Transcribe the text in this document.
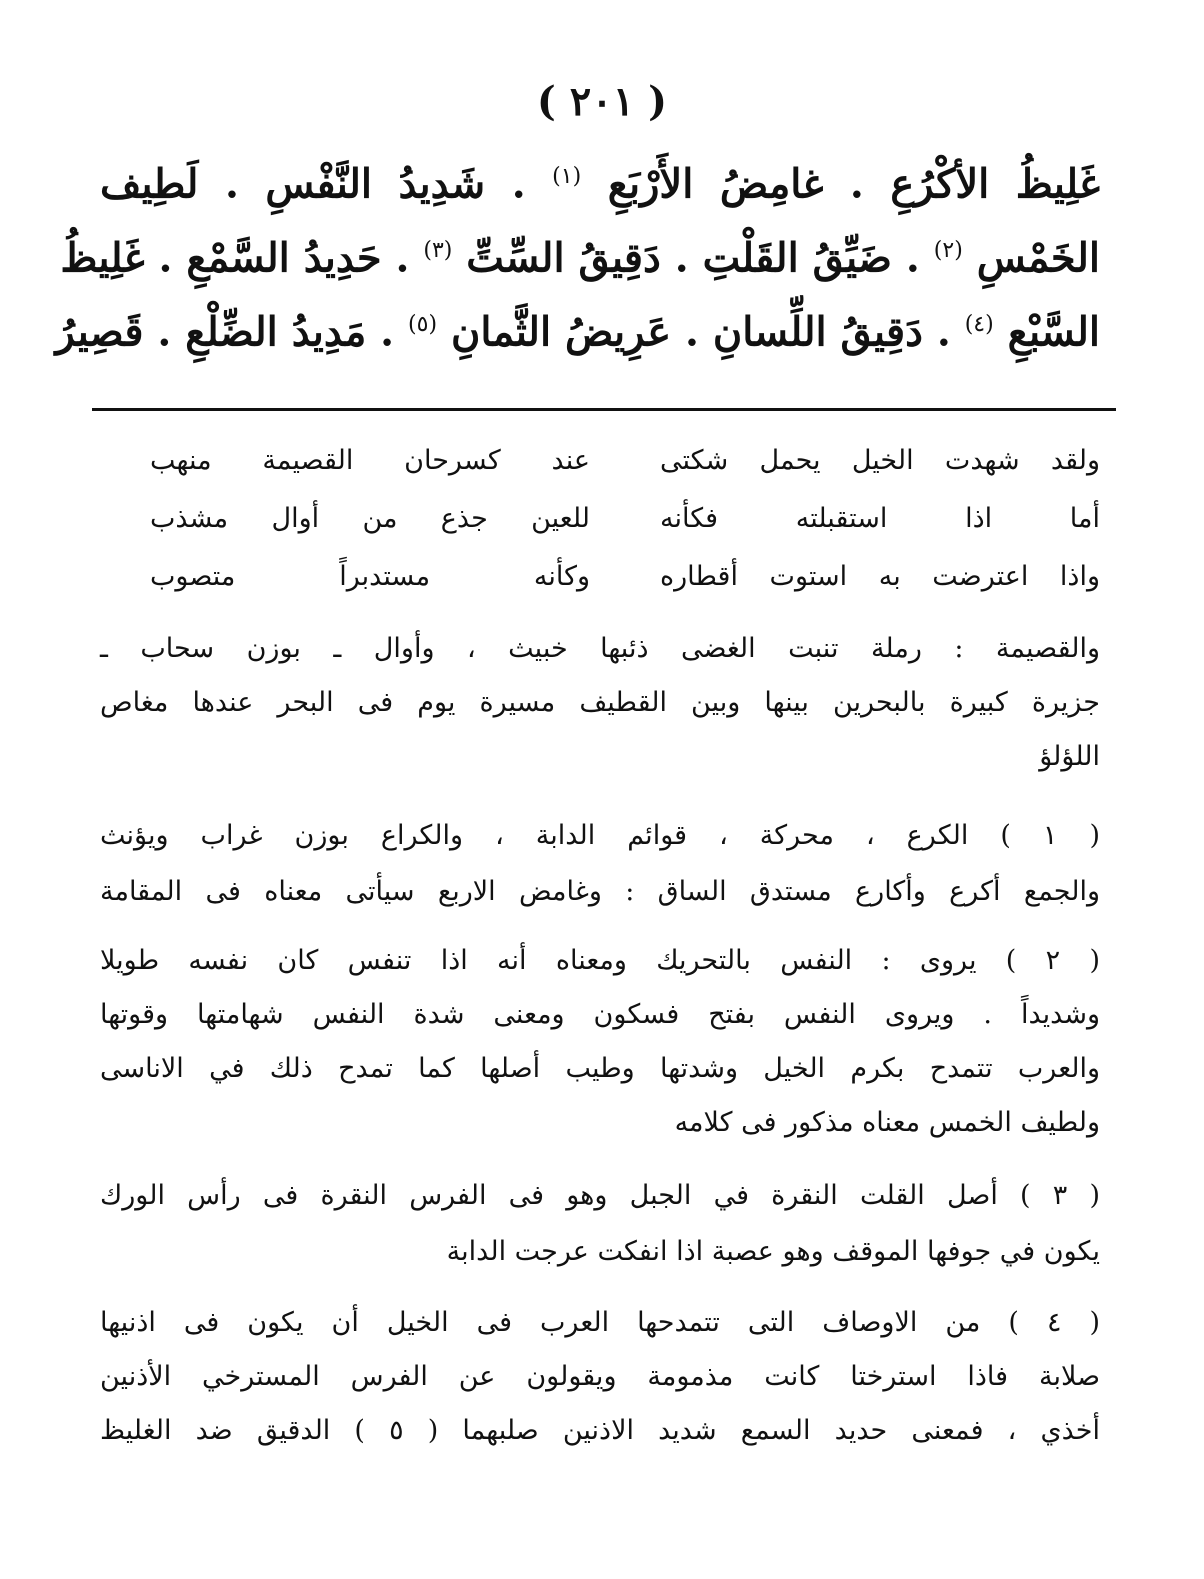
( ٢٠١ )
غَلِيظُ الأكْرُعِ . غامِضُ الأَرْبَعِ $^{(١)}$ . شَدِيدُ النَّفْسِ . لَطِيف
الخَمْسِ $^{(٢)}$ . ضَيِّقُ القَلْتِ . دَقِيقُ السِّتِّ $^{(٣)}$ . حَدِيدُ السَّمْعِ . غَلِيظُ
السَّبْعِ $^{(٤)}$ . دَقِيقُ اللِّسانِ . عَرِيضُ الثَّمانِ $^{(٥)}$ . مَدِيدُ الضِّلْعِ . قَصِيرُ
ولقد شهدت الخيل يحمل شكتى
عند كسرحان القصيمة منهب
أما اذا استقبلته فكأنه
للعين جذع من أوال مشذب
واذا اعترضت به استوت أقطاره
وكأنه مستدبراً متصوب
والقصيمة : رملة تنبت الغضى ذئبها خبيث ، وأوال ـ بوزن سحاب ـ
جزيرة كبيرة بالبحرين بينها وبين القطيف مسيرة يوم فى البحر عندها مغاص
اللؤلؤ
( ١ ) الكرع ، محركة ، قوائم الدابة ، والكراع بوزن غراب ويؤنث
والجمع أكرع وأكارع مستدق الساق : وغامض الاربع سيأتى معناه فى المقامة
( ٢ ) يروى : النفس بالتحريك ومعناه أنه اذا تنفس كان نفسه طويلا
وشديداً . ويروى النفس بفتح فسكون ومعنى شدة النفس شهامتها وقوتها
والعرب تتمدح بكرم الخيل وشدتها وطيب أصلها كما تمدح ذلك في الاناسى
ولطيف الخمس معناه مذكور فى كلامه
( ٣ ) أصل القلت النقرة في الجبل وهو فى الفرس النقرة فى رأس الورك
يكون في جوفها الموقف وهو عصبة اذا انفكت عرجت الدابة
( ٤ ) من الاوصاف التى تتمدحها العرب فى الخيل أن يكون فى اذنيها
صلابة فاذا استرختا كانت مذمومة ويقولون عن الفرس المسترخي الأذنين
أخذي ، فمعنى حديد السمع شديد الاذنين صلبهما ( ٥ ) الدقيق ضد الغليظ
